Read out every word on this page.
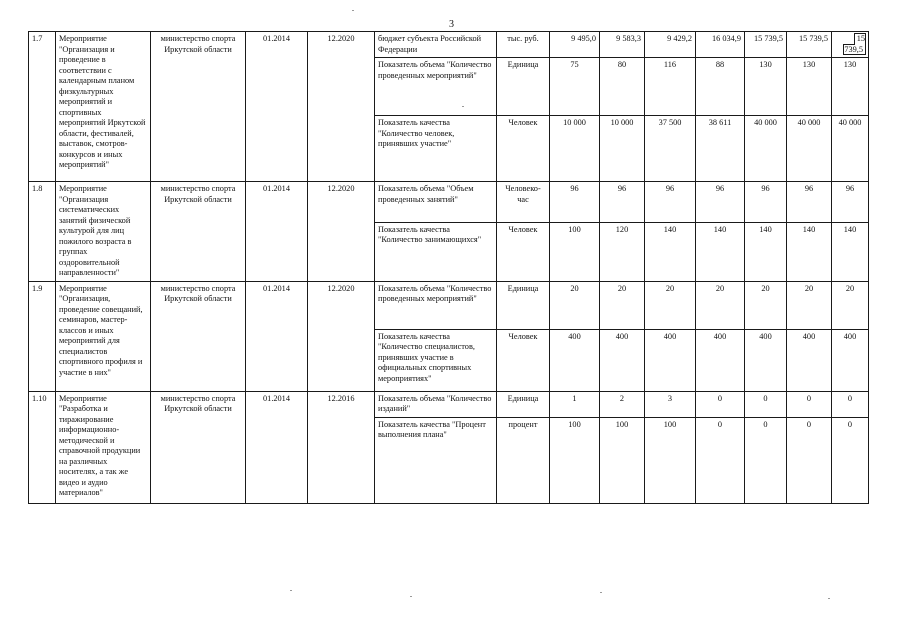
3
1.7	Мероприятие "Организация и проведение в соответствии с календарным планом физкультурных мероприятий и спортивных мероприятий Иркутской области, фестивалей, выставок, смотров-конкурсов и иных мероприятий"	министерство спорта Иркутской области	01.2014	12.2020	бюджет субъекта Российской Федерации	тыс. руб.	9 495,0	9 583,3	9 429,2	16 034,9	15 739,5	15 739,5	15 739,5
					Показатель объема "Количество проведенных мероприятий"	Единица	75	80	116	88	130	130	130
					Показатель качества "Количество человек, принявших участие"	Человек	10 000	10 000	37 500	38 611	40 000	40 000	40 000
1.8	Мероприятие "Организация систематических занятий физической культурой для лиц пожилого возраста в группах оздоровительной направленности"	министерство спорта Иркутской области	01.2014	12.2020	Показатель объема "Объем проведенных занятий"	Человеко-час	96	96	96	96	96	96	96
					Показатель качества "Количество занимающихся"	Человек	100	120	140	140	140	140	140
1.9	Мероприятие "Организация, проведение совещаний, семинаров, мастер-классов и иных мероприятий для специалистов спортивного профиля и участие в них"	министерство спорта Иркутской области	01.2014	12.2020	Показатель объема "Количество проведенных мероприятий"	Единица	20	20	20	20	20	20	20
					Показатель качества "Количество специалистов, принявших участие в официальных спортивных мероприятиях"	Человек	400	400	400	400	400	400	400
1.10	Мероприятие "Разработка и тиражирование информационно-методической и справочной продукции на различных носителях, а так же видео и аудио материалов"	министерство спорта Иркутской области	01.2014	12.2016	Показатель объема "Количество изданий"	Единица	1	2	3	0	0	0	0
					Показатель качества "Процент выполнения плана"	процент	100	100	100	0	0	0	0
